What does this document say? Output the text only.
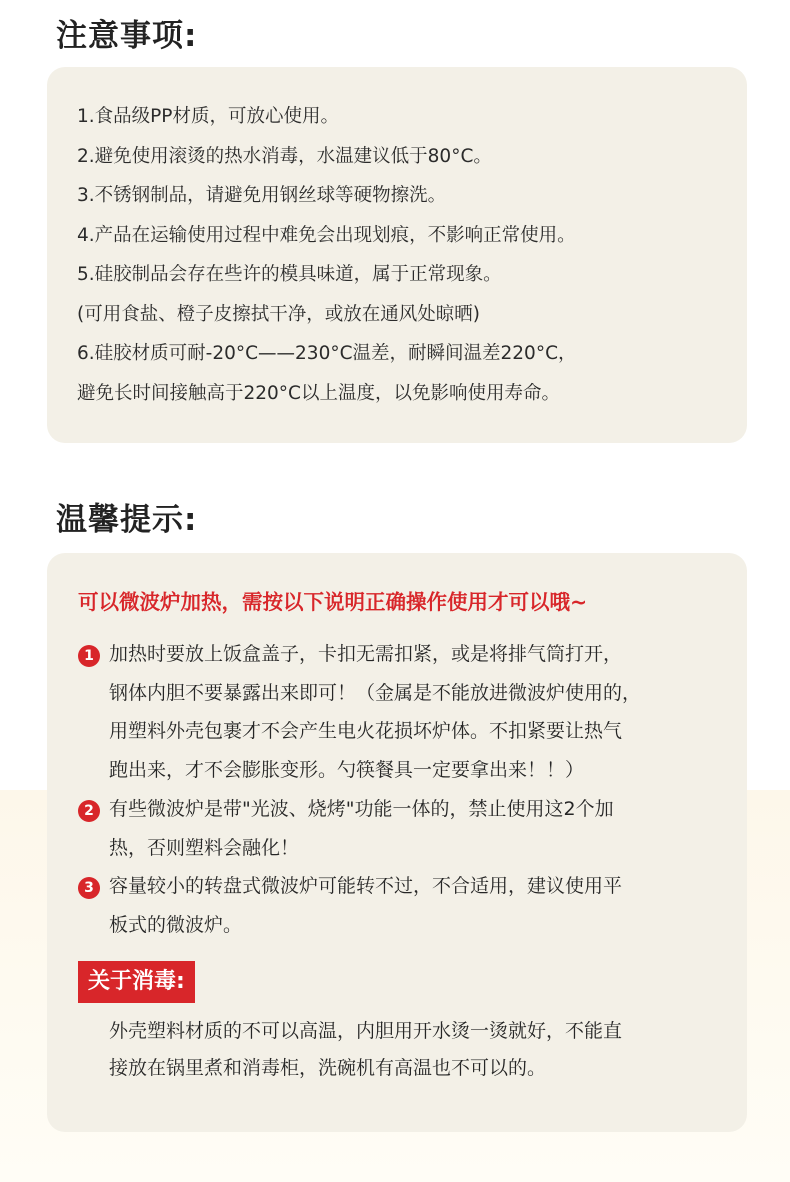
注意事项:
1.食品级PP材质，可放心使用。
2.避免使用滚烫的热水消毒，水温建议低于80°C。
3.不锈钢制品，请避免用钢丝球等硬物擦洗。
4.产品在运输使用过程中难免会出现划痕，不影响正常使用。
5.硅胶制品会存在些许的模具味道，属于正常现象。
(可用食盐、橙子皮擦拭干净，或放在通风处晾晒)
6.硅胶材质可耐-20°C——230°C温差，耐瞬间温差220°C，
避免长时间接触高于220°C以上温度，以免影响使用寿命。
温馨提示:
可以微波炉加热，需按以下说明正确操作使用才可以哦~
1 加热时要放上饭盒盖子，卡扣无需扣紧，或是将排气筒打开，
钢体内胆不要暴露出来即可！（金属是不能放进微波炉使用的，
用塑料外壳包裹才不会产生电火花损坏炉体。不扣紧要让热气
跑出来，才不会膨胀变形。勺筷餐具一定要拿出来！！）
2 有些微波炉是带"光波、烧烤"功能一体的，禁止使用这2个加
热，否则塑料会融化！
3 容量较小的转盘式微波炉可能转不过，不合适用，建议使用平
板式的微波炉。
关于消毒:
外壳塑料材质的不可以高温，内胆用开水烫一烫就好，不能直
接放在锅里煮和消毒柜，洗碗机有高温也不可以的。
